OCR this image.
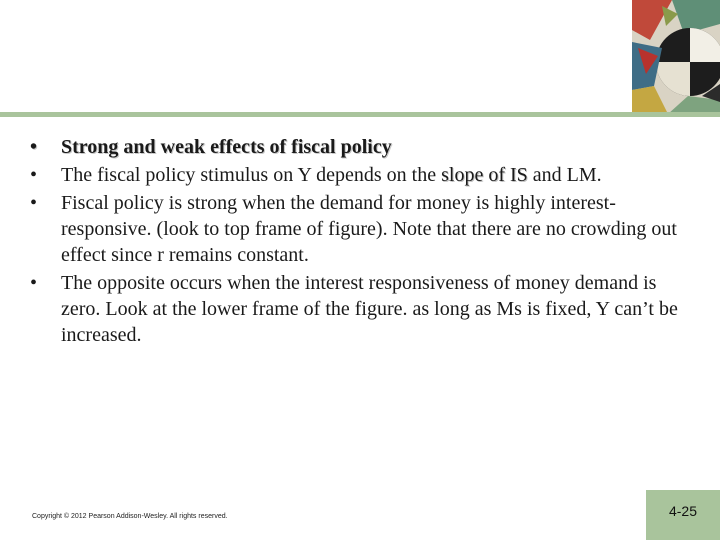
•	Strong and weak effects of fiscal policy
•	The fiscal policy stimulus on Y depends on the slope of IS and LM.
•	Fiscal policy is strong when the demand for money is highly interest-responsive. (look to top frame of figure). Note that there are no crowding out effect since r remains constant.
•	The opposite occurs when the interest responsiveness of money demand is zero. Look at the lower frame of the figure. as long as Ms is fixed, Y can’t be increased.
Copyright © 2012 Pearson Addison-Wesley. All rights reserved.	4-25
